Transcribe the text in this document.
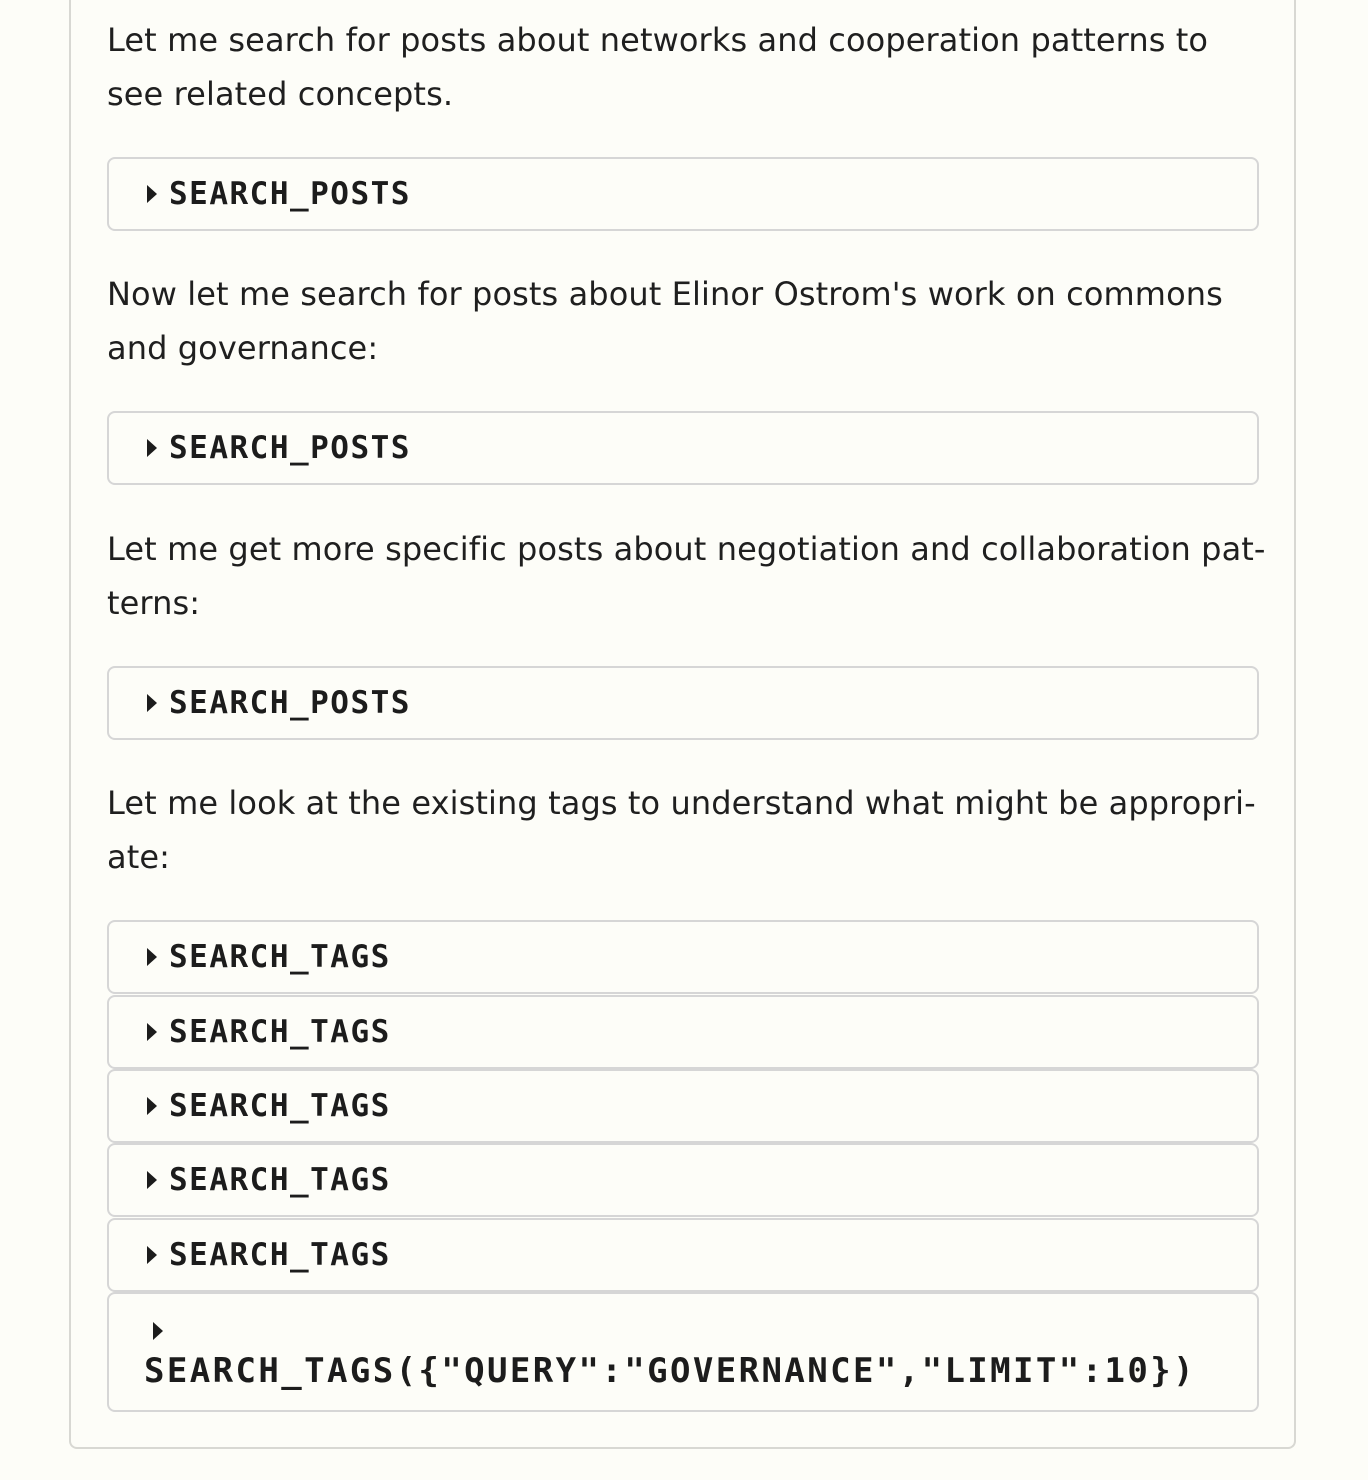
Let me search for posts about networks and cooperation patterns to
see related concepts.

SEARCH_POSTS

Now let me search for posts about Elinor Ostrom's work on commons
and governance:

SEARCH_POSTS

Let me get more specific posts about negotiation and collaboration pat-
terns:

SEARCH_POSTS

Let me look at the existing tags to understand what might be appropri-
ate:

SEARCH_TAGS
SEARCH_TAGS
SEARCH_TAGS
SEARCH_TAGS
SEARCH_TAGS
SEARCH_TAGS({"QUERY":"GOVERNANCE","LIMIT":10})
